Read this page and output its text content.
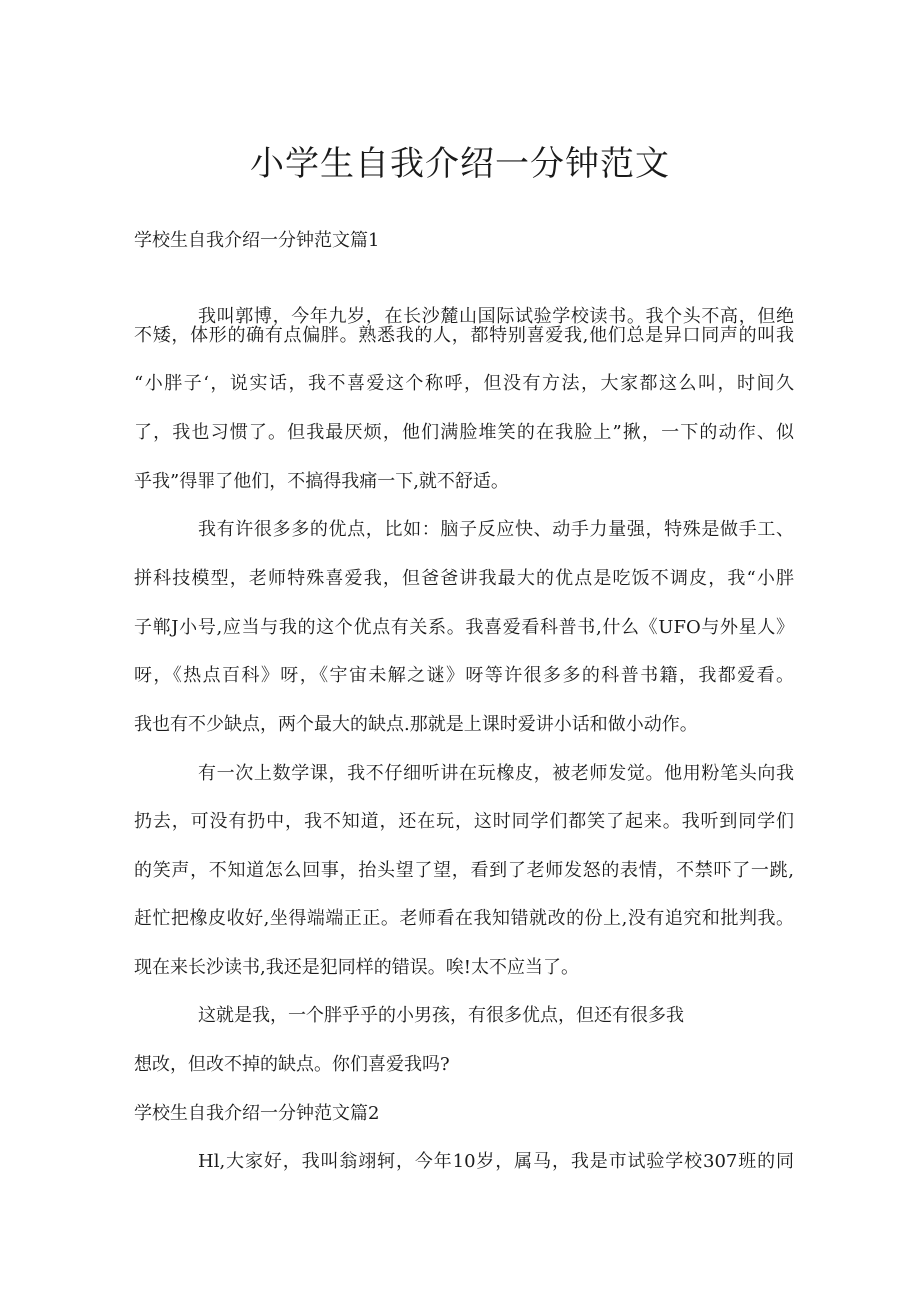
小学生自我介绍一分钟范文

学校生自我介绍一分钟范文篇1

我叫郭博，今年九岁，在长沙麓山国际试验学校读书。我个头不高，但绝

不矮，体形的确有点偏胖。熟悉我的人，都特别喜爱我,他们总是异口同声的叫我

“小胖子‘，说实话，我不喜爱这个称呼，但没有方法，大家都这么叫，时间久

了，我也习惯了。但我最厌烦，他们满脸堆笑的在我脸上”揪，一下的动作、似

乎我”得罪了他们，不搞得我痛一下,就不舒适。

我有许很多多的优点，比如：脑子反应快、动手力量强，特殊是做手工、

拼科技模型，老师特殊喜爱我，但爸爸讲我最大的优点是吃饭不调皮，我“小胖

子郸J小号,应当与我的这个优点有关系。我喜爱看科普书,什么《UFO与外星人》

呀，《热点百科》呀，《宇宙未解之谜》呀等许很多多的科普书籍，我都爱看。

我也有不少缺点，两个最大的缺点.那就是上课时爱讲小话和做小动作。

有一次上数学课，我不仔细听讲在玩橡皮，被老师发觉。他用粉笔头向我

扔去，可没有扔中，我不知道，还在玩，这时同学们都笑了起来。我听到同学们

的笑声，不知道怎么回事，抬头望了望，看到了老师发怒的表情，不禁吓了一跳,

赶忙把橡皮收好,坐得端端正正。老师看在我知错就改的份上,没有追究和批判我。

现在来长沙读书,我还是犯同样的错误。唉!太不应当了。

这就是我，一个胖乎乎的小男孩，有很多优点，但还有很多我

想改，但改不掉的缺点。你们喜爱我吗?

学校生自我介绍一分钟范文篇2

Hl,大家好，我叫翁翊轲，今年10岁，属马，我是市试验学校307班的同
